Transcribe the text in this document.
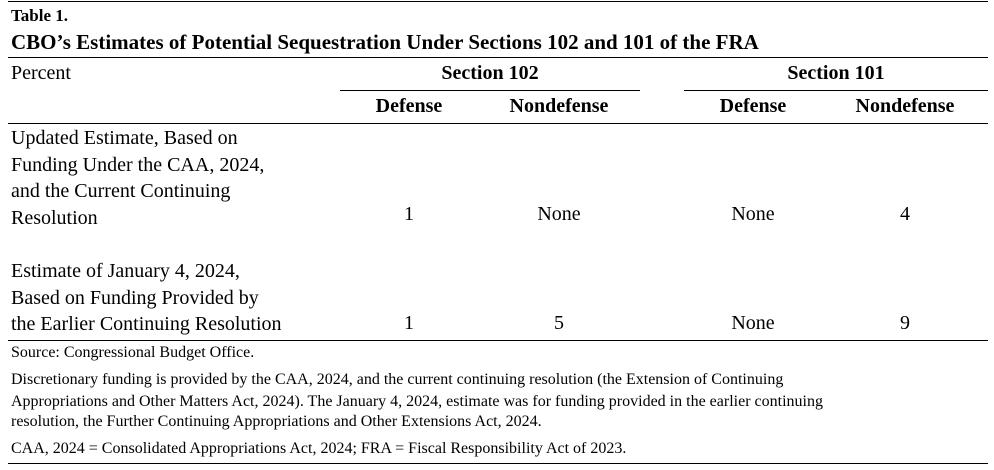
Table 1.
CBO’s Estimates of Potential Sequestration Under Sections 102 and 101 of the FRA
Percent	Section 102	Section 101
Defense	Nondefense	Defense	Nondefense
Updated Estimate, Based on
Funding Under the CAA, 2024,
and the Current Continuing
Resolution	1	None	None	4
Estimate of January 4, 2024,
Based on Funding Provided by
the Earlier Continuing Resolution	1	5	None	9
Source: Congressional Budget Office.
Discretionary funding is provided by the CAA, 2024, and the current continuing resolution (the Extension of Continuing
Appropriations and Other Matters Act, 2024). The January 4, 2024, estimate was for funding provided in the earlier continuing
resolution, the Further Continuing Appropriations and Other Extensions Act, 2024.
CAA, 2024 = Consolidated Appropriations Act, 2024; FRA = Fiscal Responsibility Act of 2023.
